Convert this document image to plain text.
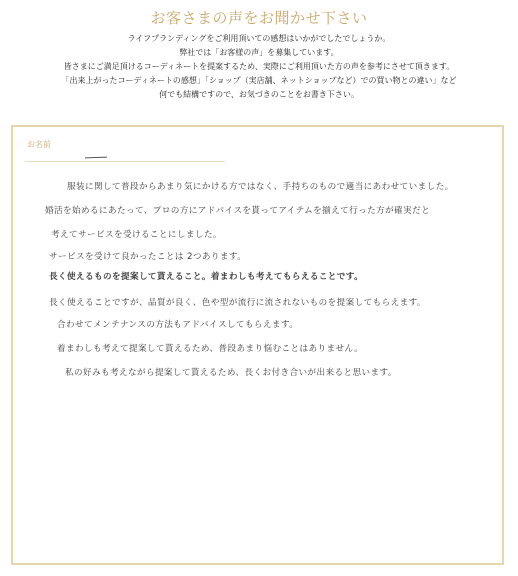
お客さまの声をお聞かせ下さい
ライフプランディングをご利用頂いての感想はいかがでしたでしょうか。
弊社では「お客様の声」を募集しています。
皆さまにご満足頂けるコーディネートを提案するため、実際にご利用頂いた方の声を参考にさせて頂きます。
「出来上がったコーディネートの感想」「ショップ（実店舗、ネットショップなど）での買い物との違い」など
何でも結構ですので、お気づきのことをお書き下さい。
お名前
服装に関して普段からあまり気にかける方ではなく、手持ちのもので適当にあわせていました。
婚活を始めるにあたって、プロの方にアドバイスを貰ってアイテムを揃えて行った方が確実だと
考えてサービスを受けることにしました。
サービスを受けて良かったことは 2つあります。
長く使えるものを提案して貰えること。着まわしも考えてもらえることです。
長く使えることですが、品質が良く、色や型が流行に流されないものを提案してもらえます。
合わせてメンテナンスの方法もアドバイスしてもらえます。
着まわしも考えて提案して貰えるため、普段あまり悩むことはありません。
私の好みも考えながら提案して貰えるため、長くお付き合いが出来ると思います。
